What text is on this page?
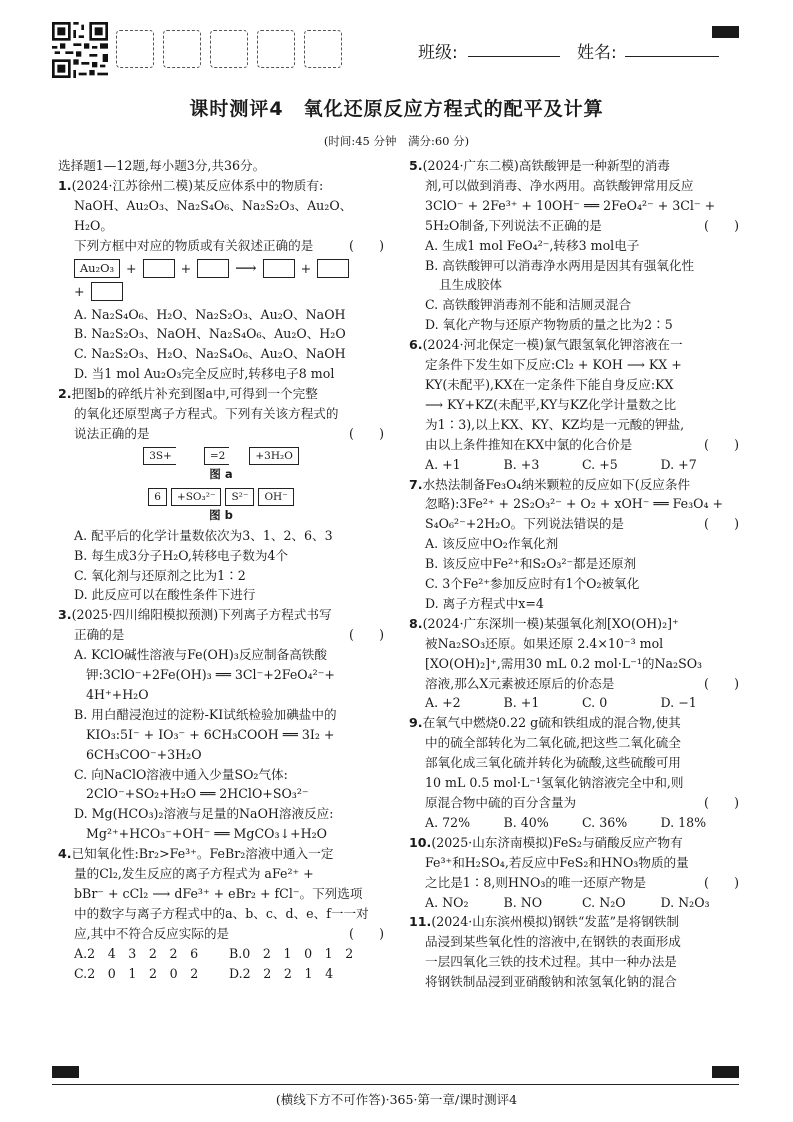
班级:	姓名:
课时测评4　氧化还原反应方程式的配平及计算
(时间:45 分钟　满分:60 分)

选择题1—12题,每小题3分,共36分。

1.(2024·江苏徐州二模)某反应体系中的物质有:

NaOH、Au₂O₃、Na₂S₄O₆、Na₂S₂O₃、Au₂O、H₂O。

下列方框中对应的物质或有关叙述正确的是	(　　)

Au₂O₃ +	+	⟶	+
+

A. Na₂S₄O₆、H₂O、Na₂S₂O₃、Au₂O、NaOH

B. Na₂S₂O₃、NaOH、Na₂S₄O₆、Au₂O、H₂O

C. Na₂S₂O₃、H₂O、Na₂S₄O₆、Au₂O、NaOH

D. 当1 mol Au₂O₃完全反应时,转移电子8 mol

2.把图b的碎纸片补充到图a中,可得到一个完整

的氧化还原型离子方程式。下列有关该方程式的

说法正确的是	(　　)

3S+	=2	+3H₂O
图 a
6	+SO₃²⁻	S²⁻	OH⁻
图 b

A. 配平后的化学计量数依次为3、1、2、6、3

B. 每生成3分子H₂O,转移电子数为4个

C. 氧化剂与还原剂之比为1∶2

D. 此反应可以在酸性条件下进行

3.(2025·四川绵阳模拟预测)下列离子方程式书写

正确的是	(　　)

A. KClO碱性溶液与Fe(OH)₃反应制备高铁酸

钾:3ClO⁻+2Fe(OH)₃ ══ 3Cl⁻+2FeO₄²⁻+

4H⁺+H₂O

B. 用白醋浸泡过的淀粉-KI试纸检验加碘盐中的

KIO₃:5I⁻ + IO₃⁻ + 6CH₃COOH ══ 3I₂ +

6CH₃COO⁻+3H₂O

C. 向NaClO溶液中通入少量SO₂气体:

2ClO⁻+SO₂+H₂O ══ 2HClO+SO₃²⁻

D. Mg(HCO₃)₂溶液与足量的NaOH溶液反应:

Mg²⁺+HCO₃⁻+OH⁻ ══ MgCO₃↓+H₂O

4.已知氧化性:Br₂>Fe³⁺。FeBr₂溶液中通入一定

量的Cl₂,发生反应的离子方程式为 aFe²⁺ +

bBr⁻ + cCl₂ ⟶ dFe³⁺ + eBr₂ + fCl⁻。下列选项

中的数字与离子方程式中的a、b、c、d、e、f一一对

应,其中不符合反应实际的是	(　　)

A.2　4　3　2　2　6	B.0　2　1　0　1　2
C.2　0　1　2　0　2	D.2　2　2　1　4

5.(2024·广东二模)高铁酸钾是一种新型的消毒

剂,可以做到消毒、净水两用。高铁酸钾常用反应

3ClO⁻ + 2Fe³⁺ + 10OH⁻ ══ 2FeO₄²⁻ + 3Cl⁻ +

5H₂O制备,下列说法不正确的是	(　　)

A. 生成1 mol FeO₄²⁻,转移3 mol电子

B. 高铁酸钾可以消毒净水两用是因其有强氧化性

且生成胶体

C. 高铁酸钾消毒剂不能和洁厕灵混合

D. 氧化产物与还原产物物质的量之比为2∶5

6.(2024·河北保定一模)氯气跟氢氧化钾溶液在一

定条件下发生如下反应:Cl₂ + KOH ⟶ KX +

KY(未配平),KX在一定条件下能自身反应:KX

⟶ KY+KZ(未配平,KY与KZ化学计量数之比

为1∶3),以上KX、KY、KZ均是一元酸的钾盐,

由以上条件推知在KX中氯的化合价是	(　　)

A. +1	B. +3	C. +5	D. +7

7.水热法制备Fe₃O₄纳米颗粒的反应如下(反应条件

忽略):3Fe²⁺ + 2S₂O₃²⁻ + O₂ + xOH⁻ ══ Fe₃O₄ +

S₄O₆²⁻+2H₂O。下列说法错误的是	(　　)

A. 该反应中O₂作氧化剂

B. 该反应中Fe²⁺和S₂O₃²⁻都是还原剂

C. 3个Fe²⁺参加反应时有1个O₂被氧化

D. 离子方程式中x=4

8.(2024·广东深圳一模)某强氧化剂[XO(OH)₂]⁺

被Na₂SO₃还原。如果还原 2.4×10⁻³ mol

[XO(OH)₂]⁺,需用30 mL 0.2 mol·L⁻¹的Na₂SO₃

溶液,那么X元素被还原后的价态是	(　　)

A. +2	B. +1	C. 0	D. −1

9.在氧气中燃烧0.22 g硫和铁组成的混合物,使其

中的硫全部转化为二氧化硫,把这些二氧化硫全

部氧化成三氧化硫并转化为硫酸,这些硫酸可用

10 mL 0.5 mol·L⁻¹氢氧化钠溶液完全中和,则

原混合物中硫的百分含量为	(　　)

A. 72%	B. 40%	C. 36%	D. 18%

10.(2025·山东济南模拟)FeS₂与硝酸反应产物有

Fe³⁺和H₂SO₄,若反应中FeS₂和HNO₃物质的量

之比是1∶8,则HNO₃的唯一还原产物是	(　　)

A. NO₂	B. NO	C. N₂O	D. N₂O₃

11.(2024·山东滨州模拟)钢铁“发蓝”是将钢铁制

品浸到某些氧化性的溶液中,在钢铁的表面形成

一层四氧化三铁的技术过程。其中一种办法是

将钢铁制品浸到亚硝酸钠和浓氢氧化钠的混合

(横线下方不可作答)·365·第一章/课时测评4
